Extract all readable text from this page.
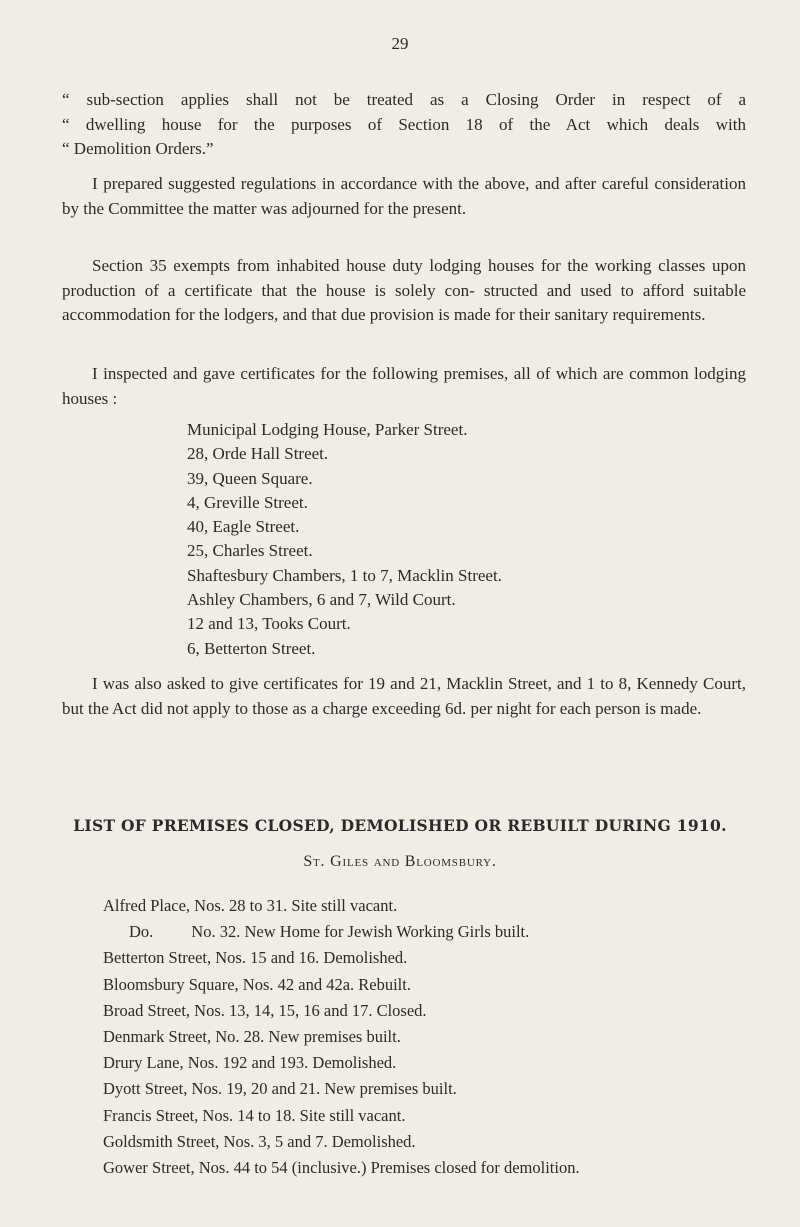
29
“ sub-section applies shall not be treated as a Closing Order in respect of a
“ dwelling house for the purposes of Section 18 of the Act which deals with
“ Demolition Orders.”

I prepared suggested regulations in accordance with the above, and after careful consideration by the Committee the matter was adjourned for the present.

Section 35 exempts from inhabited house duty lodging houses for the working classes upon production of a certificate that the house is solely con- structed and used to afford suitable accommodation for the lodgers, and that due provision is made for their sanitary requirements.

I inspected and gave certificates for the following premises, all of which are common lodging houses :

Municipal Lodging House, Parker Street.
28, Orde Hall Street.
39, Queen Square.
4, Greville Street.
40, Eagle Street.
25, Charles Street.
Shaftesbury Chambers, 1 to 7, Macklin Street.
Ashley Chambers, 6 and 7, Wild Court.
12 and 13, Tooks Court.
6, Betterton Street.

I was also asked to give certificates for 19 and 21, Macklin Street, and 1 to 8, Kennedy Court, but the Act did not apply to those as a charge exceeding 6d. per night for each person is made.

LIST OF PREMISES CLOSED, DEMOLISHED OR REBUILT DURING 1910.
St. Giles and Bloomsbury.
Alfred Place, Nos. 28 to 31. Site still vacant.
Do. No. 32. New Home for Jewish Working Girls built.
Betterton Street, Nos. 15 and 16. Demolished.
Bloomsbury Square, Nos. 42 and 42a. Rebuilt.
Broad Street, Nos. 13, 14, 15, 16 and 17. Closed.
Denmark Street, No. 28. New premises built.
Drury Lane, Nos. 192 and 193. Demolished.
Dyott Street, Nos. 19, 20 and 21. New premises built.
Francis Street, Nos. 14 to 18. Site still vacant.
Goldsmith Street, Nos. 3, 5 and 7. Demolished.
Gower Street, Nos. 44 to 54 (inclusive.) Premises closed for demolition.
